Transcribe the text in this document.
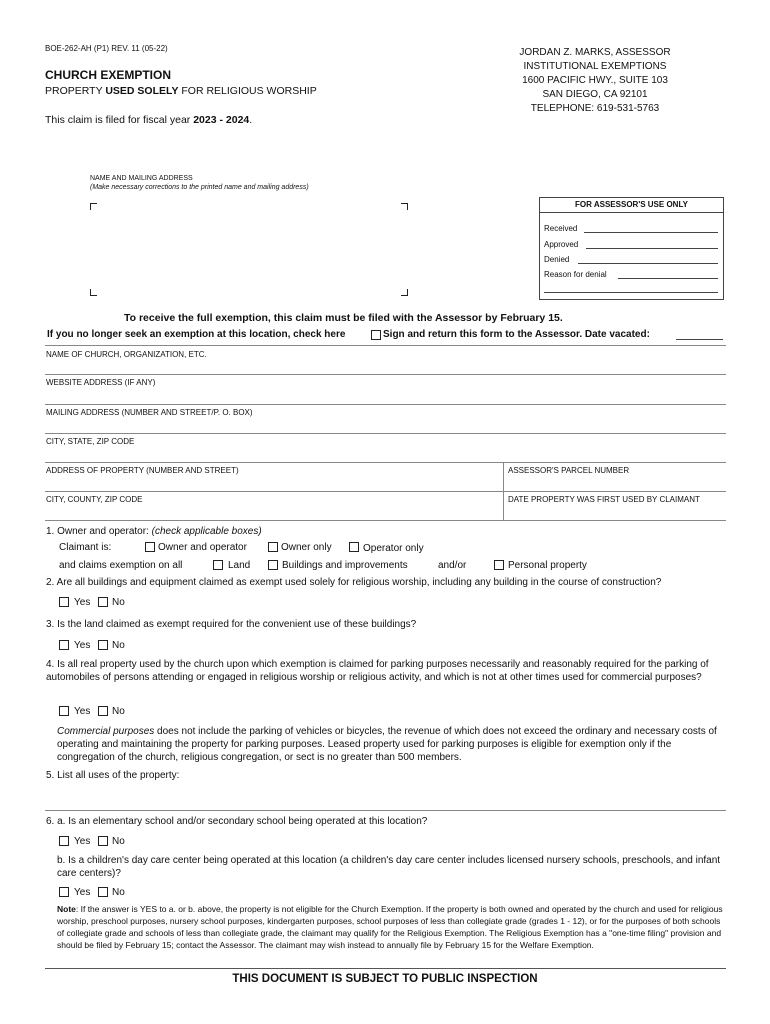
BOE-262-AH (P1) REV. 11 (05-22)
CHURCH EXEMPTION
PROPERTY USED SOLELY FOR RELIGIOUS WORSHIP
This claim is filed for fiscal year 2023 - 2024.
JORDAN Z. MARKS, ASSESSOR
INSTITUTIONAL EXEMPTIONS
1600 PACIFIC HWY., SUITE 103
SAN DIEGO, CA 92101
TELEPHONE: 619-531-5763
NAME AND MAILING ADDRESS
(Make necessary corrections to the printed name and mailing address)
FOR ASSESSOR'S USE ONLY
Received
Approved
Denied
Reason for denial
To receive the full exemption, this claim must be filed with the Assessor by February 15.
If you no longer seek an exemption at this location, check here	Sign and return this form to the Assessor. Date vacated:
NAME OF CHURCH, ORGANIZATION, ETC.
WEBSITE ADDRESS (IF ANY)
MAILING ADDRESS (NUMBER AND STREET/P. O. BOX)
CITY, STATE, ZIP CODE
ADDRESS OF PROPERTY (NUMBER AND STREET)	ASSESSOR'S PARCEL NUMBER
CITY, COUNTY, ZIP CODE	DATE PROPERTY WAS FIRST USED BY CLAIMANT
1. Owner and operator: (check applicable boxes)
Claimant is:	Owner and operator	Owner only	Operator only
and claims exemption on all	Land	Buildings and improvements	and/or	Personal property
2. Are all buildings and equipment claimed as exempt used solely for religious worship, including any building in the course of construction?
Yes No
3. Is the land claimed as exempt required for the convenient use of these buildings?
Yes No
4. Is all real property used by the church upon which exemption is claimed for parking purposes necessarily and reasonably required for the parking of automobiles of persons attending or engaged in religious worship or religious activity, and which is not at other times used for commercial purposes?
Yes No
Commercial purposes does not include the parking of vehicles or bicycles, the revenue of which does not exceed the ordinary and necessary costs of operating and maintaining the property for parking purposes. Leased property used for parking purposes is eligible for exemption only if the congregation of the church, religious congregation, or sect is no greater than 500 members.
5. List all uses of the property:
6. a. Is an elementary school and/or secondary school being operated at this location?
Yes No
b. Is a children's day care center being operated at this location (a children's day care center includes licensed nursery schools, preschools, and infant care centers)?
Yes No
Note: If the answer is YES to a. or b. above, the property is not eligible for the Church Exemption. If the property is both owned and operated by the church and used for religious worship, preschool purposes, nursery school purposes, kindergarten purposes, school purposes of less than collegiate grade (grades 1 - 12), or for the purposes of both schools of collegiate grade and schools of less than collegiate grade, the claimant may qualify for the Religious Exemption. The Religious Exemption has a "one-time filing" provision and should be filed by February 15; contact the Assessor. The claimant may wish instead to annually file by February 15 for the Welfare Exemption.
THIS DOCUMENT IS SUBJECT TO PUBLIC INSPECTION
